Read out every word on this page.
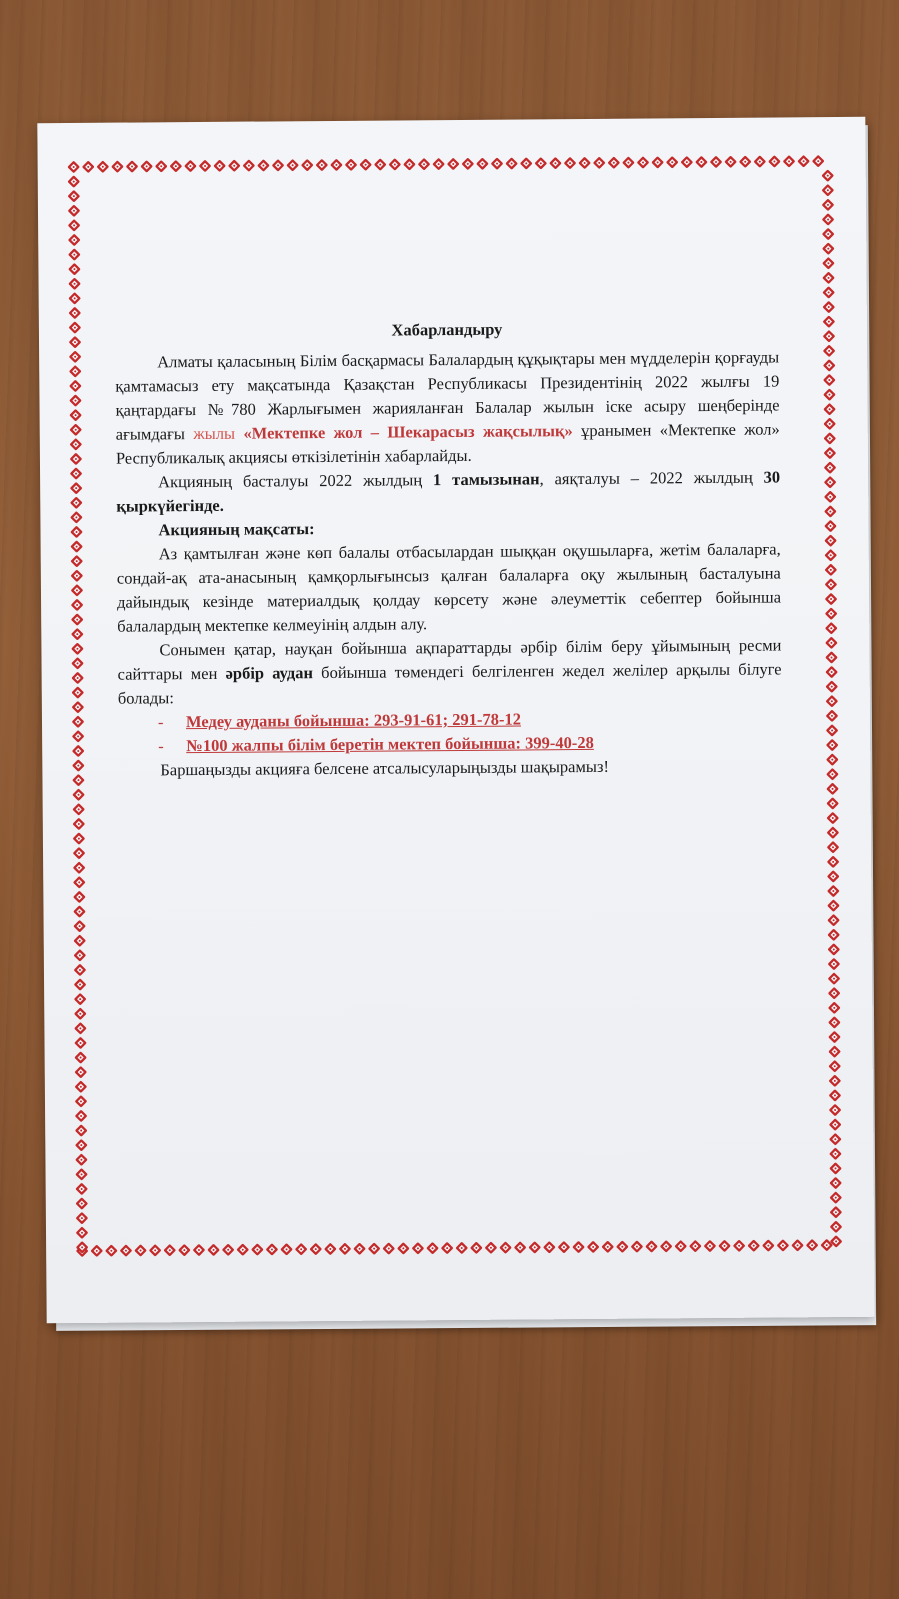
Хабарландыру

Алматы қаласының Білім басқармасы Балалардың құқықтары мен мүдделерін қорғауды қамтамасыз ету мақсатында Қазақстан Республикасы Президентінің 2022 жылғы 19 қаңтардағы №780 Жарлығымен жарияланған Балалар жылын іске асыру шеңберінде ағымдағы жылы «Мектепке жол – Шекарасыз жақсылық» ұранымен «Мектепке жол» Республикалық акциясы өткізілетінін хабарлайды.

Акцияның басталуы 2022 жылдың 1 тамызынан, аяқталуы – 2022 жылдың 30 қыркүйегінде.

Акцияның мақсаты:

Аз қамтылған және көп балалы отбасылардан шыққан оқушыларға, жетім балаларға, сондай-ақ ата-анасының қамқорлығынсыз қалған балаларға оқу жылының басталуына дайындық кезінде материалдық қолдау көрсету және әлеуметтік себептер бойынша балалардың мектепке келмеуінің алдын алу.

Сонымен қатар, науқан бойынша ақпараттарды әрбір білім беру ұйымының ресми сайттары мен әрбір аудан бойынша төмендегі белгіленген жедел желілер арқылы білуге болады:

-	Медеу ауданы бойынша: 293-91-61; 291-78-12
-	№100 жалпы білім беретін мектеп бойынша: 399-40-28

Баршаңызды акцияға белсене атсалысуларыңызды шақырамыз!
